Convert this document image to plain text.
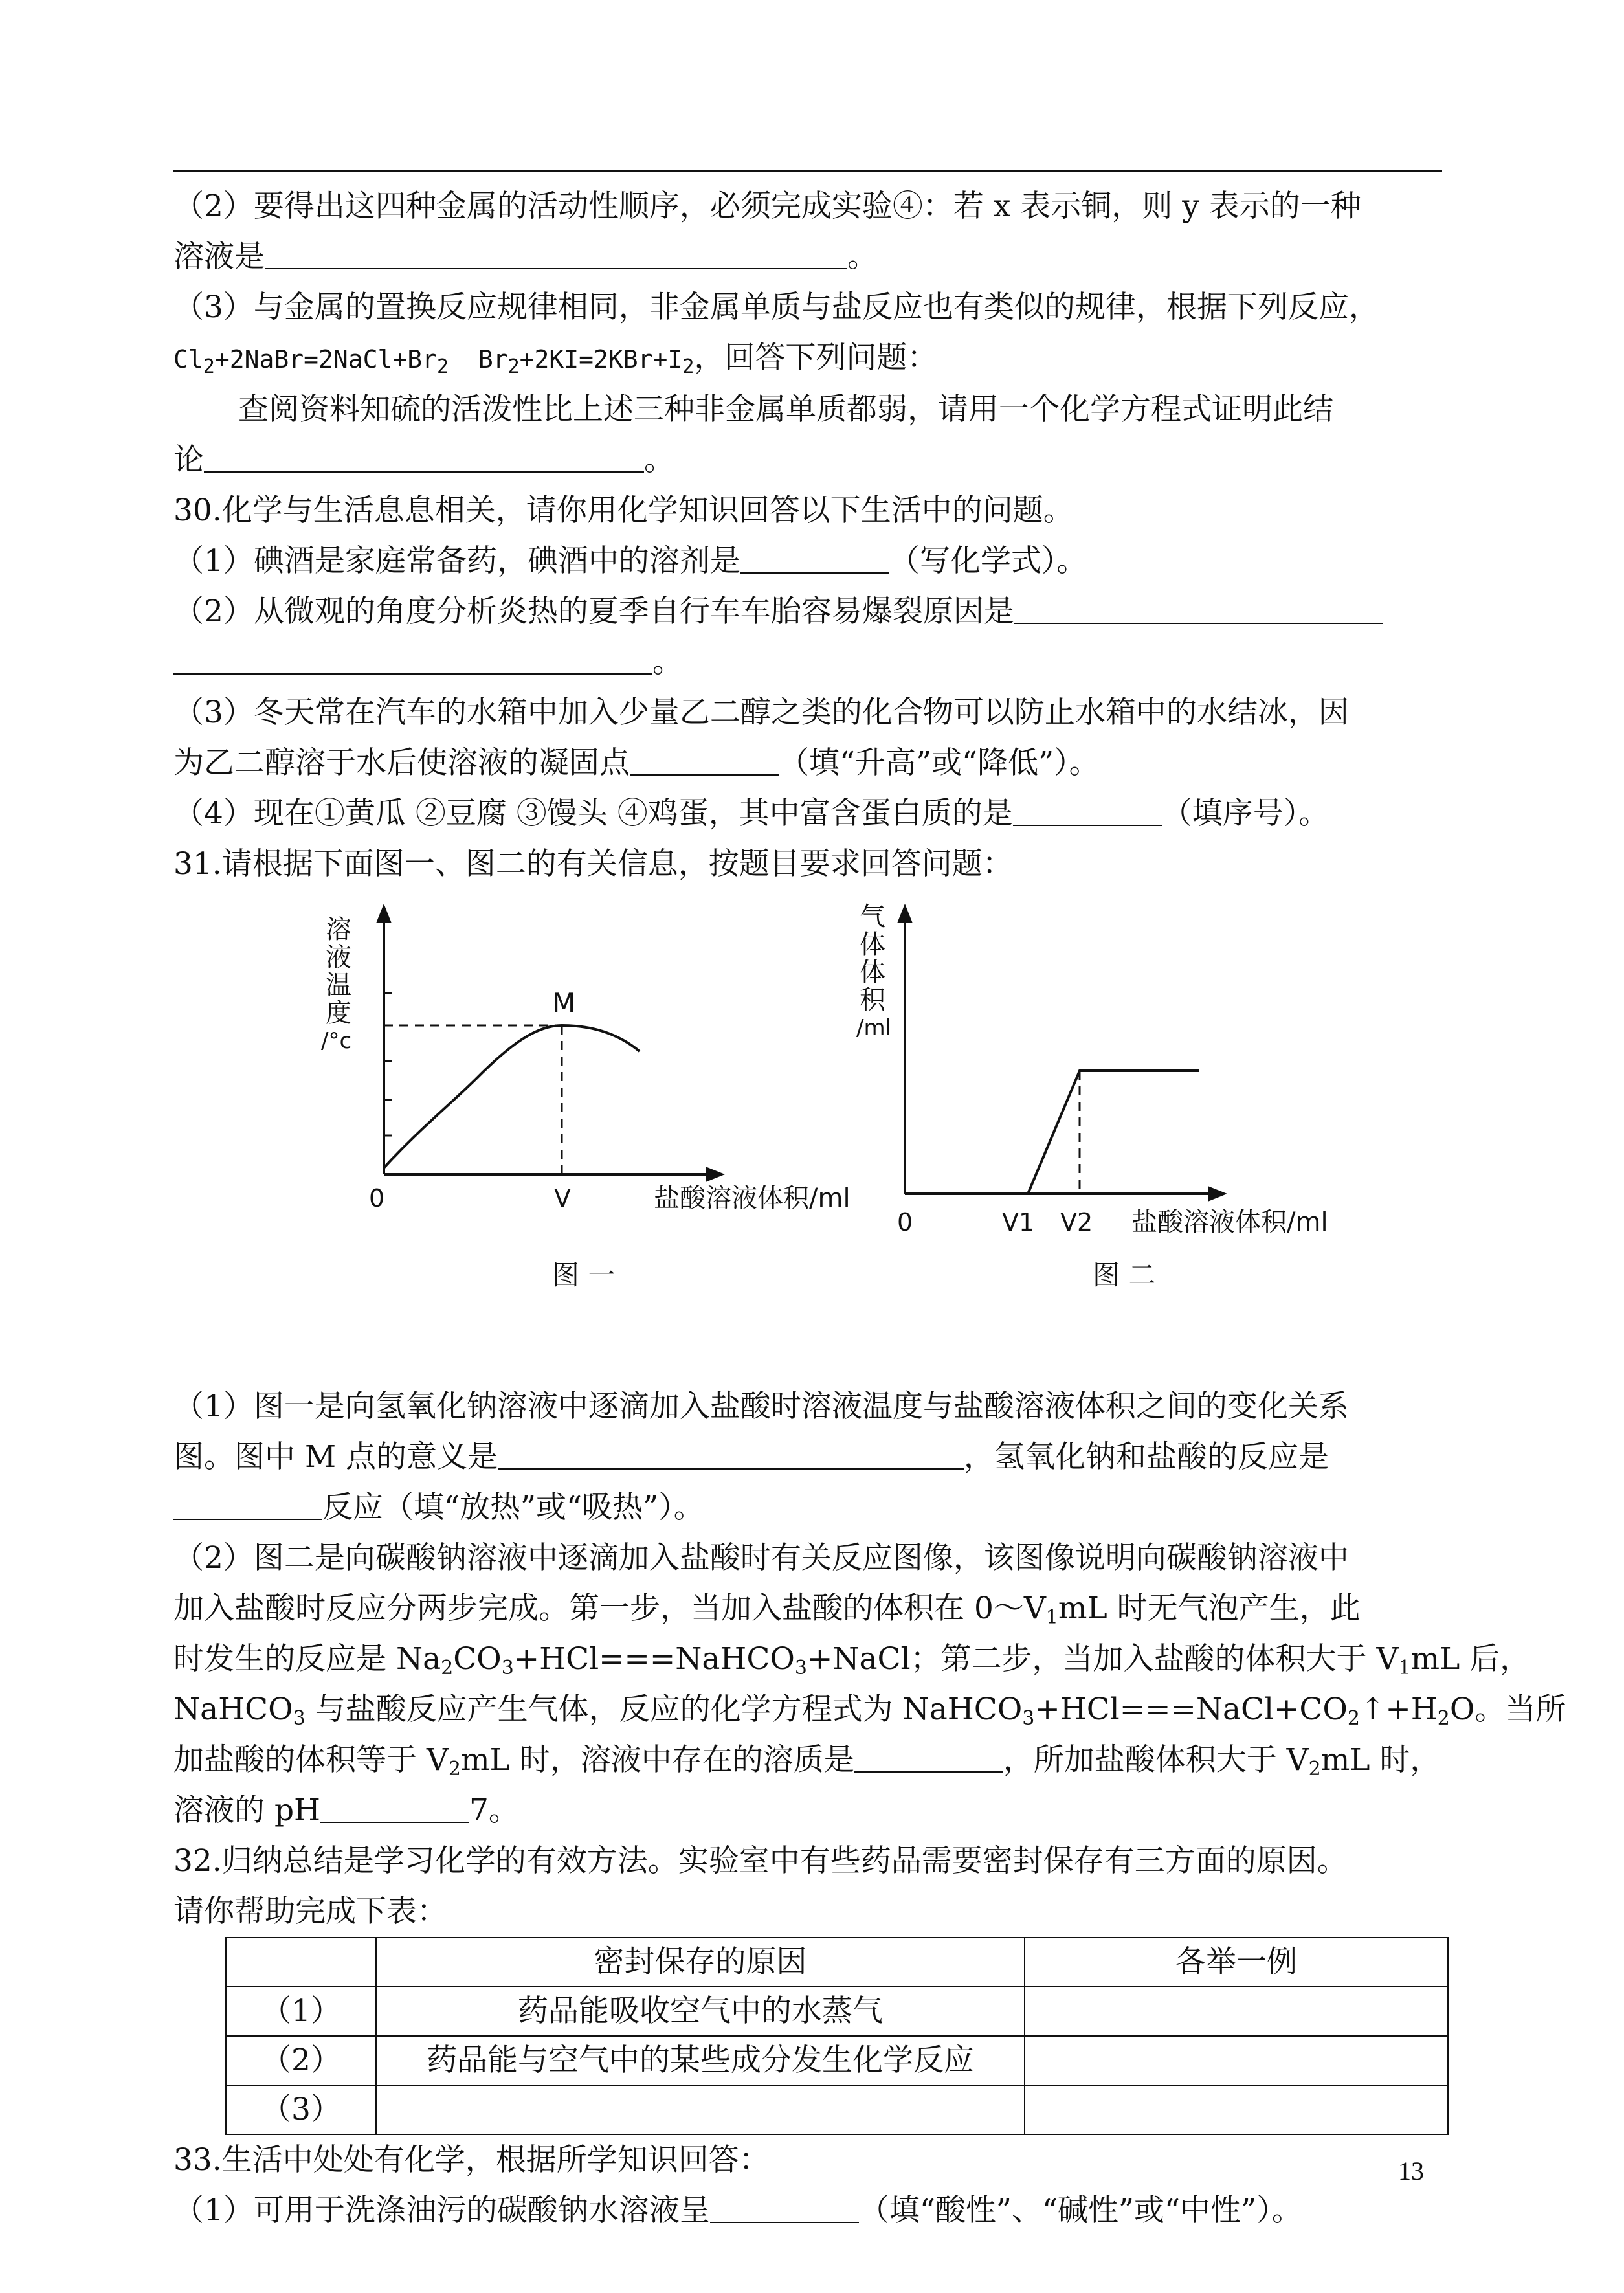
（2）要得出这四种金属的活动性顺序，必须完成实验④：若 x 表示铜，则 y 表示的一种
溶液是	。
（3）与金属的置换反应规律相同，非金属单质与盐反应也有类似的规律，根据下列反应，
$Cl_2+2NaBr=2NaCl+Br_2$  $Br_2+2KI=2KBr+I_2$，回答下列问题：
查阅资料知硫的活泼性比上述三种非金属单质都弱，请用一个化学方程式证明此结
论	。
30.化学与生活息息相关，请你用化学知识回答以下生活中的问题。
（1）碘酒是家庭常备药，碘酒中的溶剂是	（写化学式）。
（2）从微观的角度分析炎热的夏季自行车车胎容易爆裂原因是
。
（3）冬天常在汽车的水箱中加入少量乙二醇之类的化合物可以防止水箱中的水结冰，因
为乙二醇溶于水后使溶液的凝固点	（填“升高”或“降低”）。
（4）现在①黄瓜 ②豆腐 ③馒头 ④鸡蛋，其中富含蛋白质的是	（填序号）。
31.请根据下面图一、图二的有关信息，按题目要求回答问题：
溶
液
温
度
/°c
M
0	V	盐酸溶液体积/ml
图 一
气
体
体
积
/ml
0	V1 V2 盐酸溶液体积/ml
图 二
（1）图一是向氢氧化钠溶液中逐滴加入盐酸时溶液温度与盐酸溶液体积之间的变化关系
图。图中 M 点的意义是	，氢氧化钠和盐酸的反应是
反应（填“放热”或“吸热”）。
（2）图二是向碳酸钠溶液中逐滴加入盐酸时有关反应图像，该图像说明向碳酸钠溶液中
加入盐酸时反应分两步完成。第一步，当加入盐酸的体积在 $0\sim V_1mL$ 时无气泡产生，此
时发生的反应是 $Na_2CO_3+HCl===NaHCO_3+NaCl$；第二步，当加入盐酸的体积大于 $V_1mL$ 后，
NaHCO$_3$ 与盐酸反应产生气体，反应的化学方程式为 $NaHCO_3+HCl===NaCl+CO_2↑+H_2O$。当所
加盐酸的体积等于 $V_2mL$ 时，溶液中存在的溶质是	，所加盐酸体积大于 $V_2mL$ 时，
溶液的 pH	7。
32.归纳总结是学习化学的有效方法。实验室中有些药品需要密封保存有三方面的原因。
请你帮助完成下表：
	密封保存的原因	各举一例
（1）	药品能吸收空气中的水蒸气	
（2）	药品能与空气中的某些成分发生化学反应	
（3）		
33.生活中处处有化学，根据所学知识回答：
（1）可用于洗涤油污的碳酸钠水溶液呈	（填“酸性”、“碱性”或“中性”）。
13
